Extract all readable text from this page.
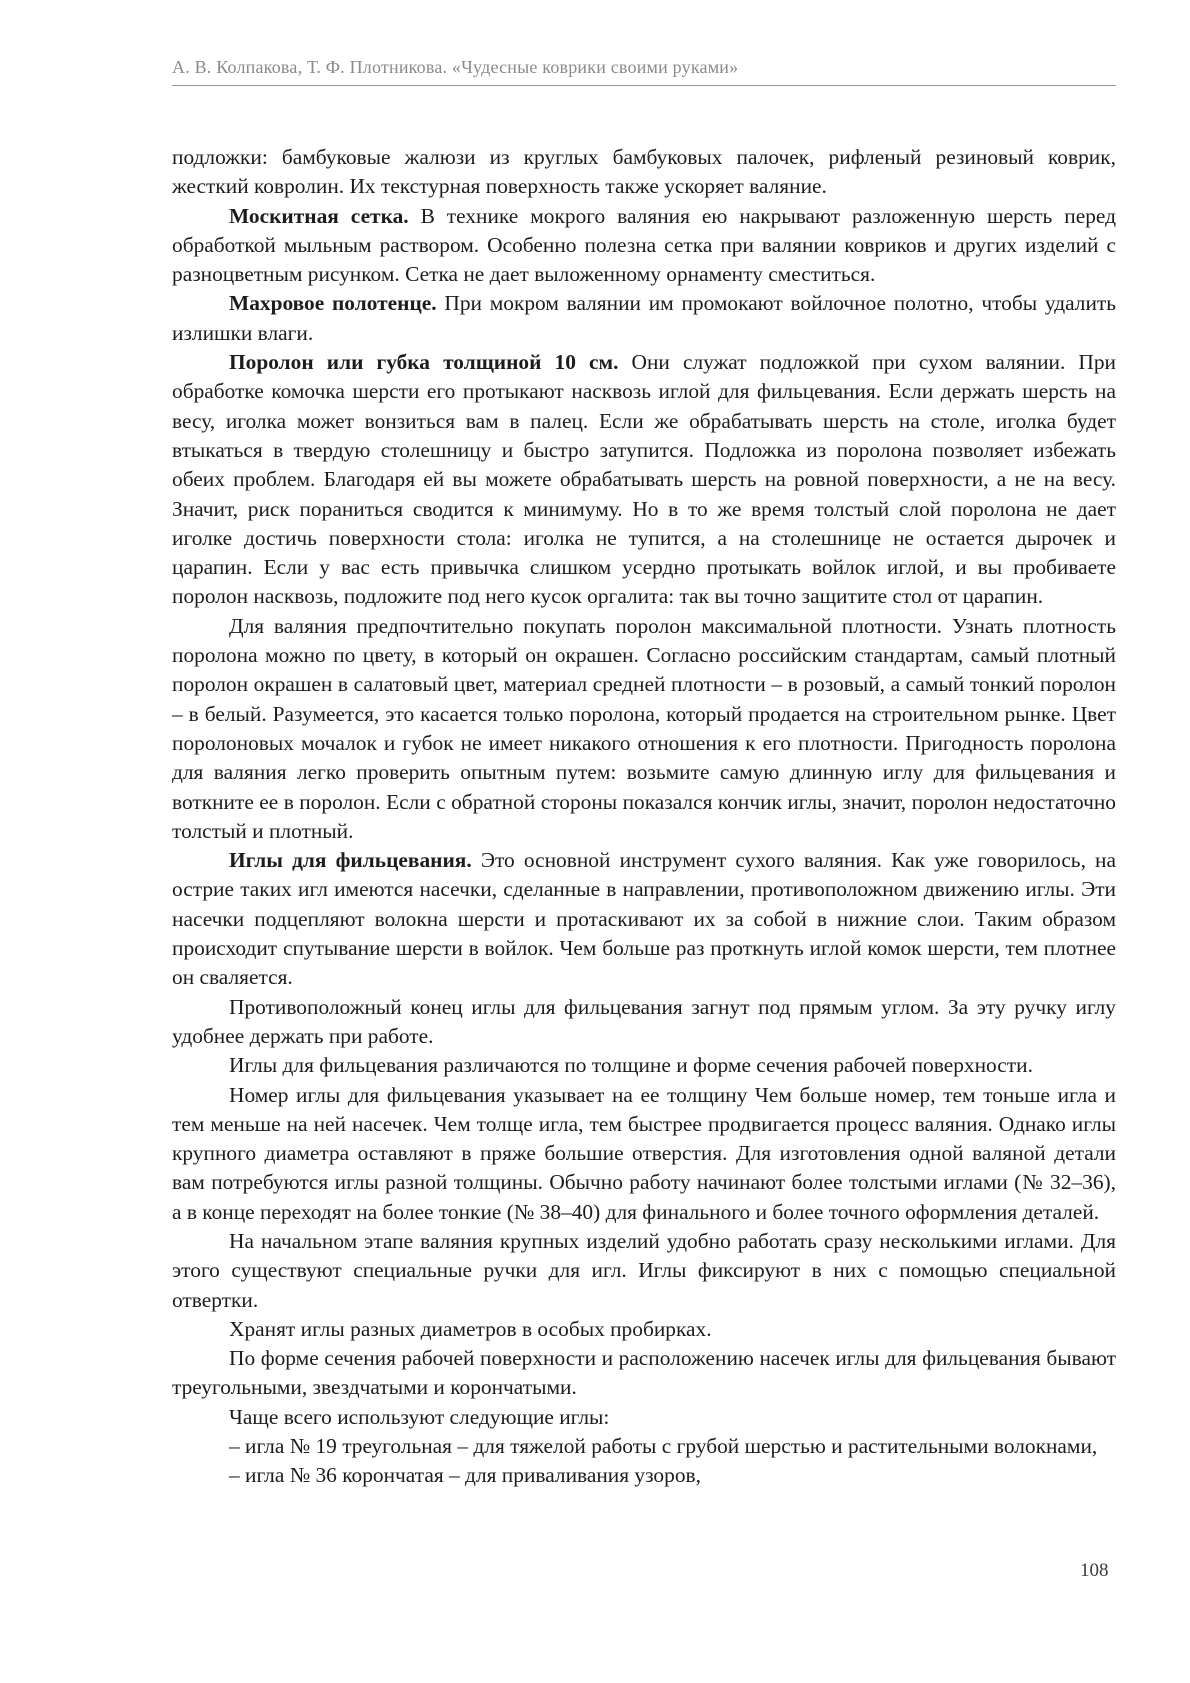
А. В. Колпакова, Т. Ф. Плотникова. «Чудесные коврики своими руками»

подложки: бамбуковые жалюзи из круглых бамбуковых палочек, рифленый резиновый коврик, жесткий ковролин. Их текстурная поверхность также ускоряет валяние.

Москитная сетка. В технике мокрого валяния ею накрывают разложенную шерсть перед обработкой мыльным раствором. Особенно полезна сетка при валянии ковриков и других изделий с разноцветным рисунком. Сетка не дает выложенному орнаменту сместиться.

Махровое полотенце. При мокром валянии им промокают войлочное полотно, чтобы удалить излишки влаги.

Поролон или губка толщиной 10 см. Они служат подложкой при сухом валянии. При обработке комочка шерсти его протыкают насквозь иглой для фильцевания. Если держать шерсть на весу, иголка может вонзиться вам в палец. Если же обрабатывать шерсть на столе, иголка будет втыкаться в твердую столешницу и быстро затупится. Подложка из поролона позволяет избежать обеих проблем. Благодаря ей вы можете обрабатывать шерсть на ровной поверхности, а не на весу. Значит, риск пораниться сводится к минимуму. Но в то же время толстый слой поролона не дает иголке достичь поверхности стола: иголка не тупится, а на столешнице не остается дырочек и царапин. Если у вас есть привычка слишком усердно протыкать войлок иглой, и вы пробиваете поролон насквозь, подложите под него кусок оргалита: так вы точно защитите стол от царапин.

Для валяния предпочтительно покупать поролон максимальной плотности. Узнать плотность поролона можно по цвету, в который он окрашен. Согласно российским стандартам, самый плотный поролон окрашен в салатовый цвет, материал средней плотности – в розовый, а самый тонкий поролон – в белый. Разумеется, это касается только поролона, который продается на строительном рынке. Цвет поролоновых мочалок и губок не имеет никакого отношения к его плотности. Пригодность поролона для валяния легко проверить опытным путем: возьмите самую длинную иглу для фильцевания и воткните ее в поролон. Если с обратной стороны показался кончик иглы, значит, поролон недостаточно толстый и плотный.

Иглы для фильцевания. Это основной инструмент сухого валяния. Как уже говорилось, на острие таких игл имеются насечки, сделанные в направлении, противоположном движению иглы. Эти насечки подцепляют волокна шерсти и протаскивают их за собой в нижние слои. Таким образом происходит спутывание шерсти в войлок. Чем больше раз проткнуть иглой комок шерсти, тем плотнее он сваляется.

Противоположный конец иглы для фильцевания загнут под прямым углом. За эту ручку иглу удобнее держать при работе.

Иглы для фильцевания различаются по толщине и форме сечения рабочей поверхности.

Номер иглы для фильцевания указывает на ее толщину Чем больше номер, тем тоньше игла и тем меньше на ней насечек. Чем толще игла, тем быстрее продвигается процесс валяния. Однако иглы крупного диаметра оставляют в пряже большие отверстия. Для изготовления одной валяной детали вам потребуются иглы разной толщины. Обычно работу начинают более толстыми иглами (№ 32–36), а в конце переходят на более тонкие (№ 38–40) для финального и более точного оформления деталей.

На начальном этапе валяния крупных изделий удобно работать сразу несколькими иглами. Для этого существуют специальные ручки для игл. Иглы фиксируют в них с помощью специальной отвертки.

Хранят иглы разных диаметров в особых пробирках.

По форме сечения рабочей поверхности и расположению насечек иглы для фильцевания бывают треугольными, звездчатыми и корончатыми.

Чаще всего используют следующие иглы:

– игла № 19 треугольная – для тяжелой работы с грубой шерстью и растительными волокнами,

– игла № 36 корончатая – для приваливания узоров,

108
